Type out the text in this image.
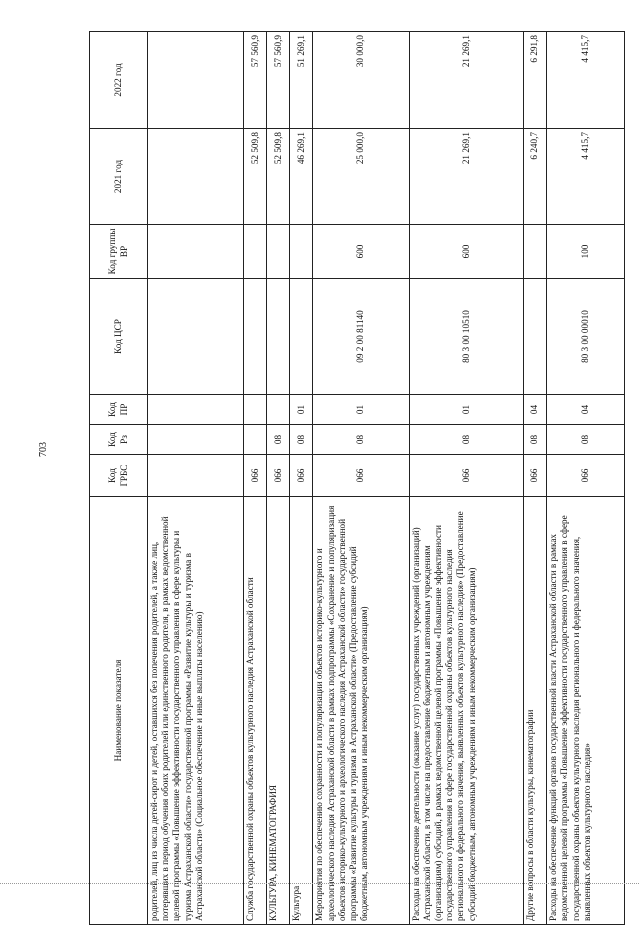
703
Наименование показателя	Код ГРБС	Код Рз	Код ПР	Код ЦСР	Код группы ВР	2021 год	2022 год
родителей, лиц из числа детей-сирот и детей, оставшихся без попечения родителей, а также лиц, потерявших в период обучения обоих родителей или единственного родителя, в рамках ведомственной целевой программы «Повышение эффективности государственного управления в сфере культуры и туризма Астраханской области» государственной программы «Развитие культуры и туризма в Астраханской области» (Социальное обеспечение и иные выплаты населению)							
Служба государственной охраны объектов культурного наследия Астраханской области	066					52 509,8	57 560,9
КУЛЬТУРА, КИНЕМАТОГРАФИЯ	066	08				52 509,8	57 560,9
Культура	066	08	01			46 269,1	51 269,1
Мероприятия по обеспечению сохранности и популяризации объектов историко-культурного и археологического наследия Астраханской области в рамках подпрограммы «Сохранение и популяризация объектов историко-культурного и археологического наследия Астраханской области» государственной программы «Развитие культуры и туризма в Астраханской области» (Предоставление субсидий бюджетным, автономным учреждениям и иным некоммерческим организациям)	066	08	01	09 2 00 81140	600	25 000,0	30 000,0
Расходы на обеспечение деятельности (оказание услуг) государственных учреждений (организаций) Астраханской области, в том числе на предоставление бюджетным и автономным учреждениям (организациям) субсидий, в рамках ведомственной целевой программы «Повышение эффективности государственного управления в сфере государственной охраны объектов культурного наследия регионального и федерального значения, выявленных объектов культурного наследия» (Предоставление субсидий бюджетным, автономным учреждениям и иным некоммерческим организациям)	066	08	01	80 3 00 10510	600	21 269,1	21 269,1
Другие вопросы в области культуры, кинематографии	066	08	04			6 240,7	6 291,8
Расходы на обеспечение функций органов государственной власти Астраханской области в рамках ведомственной целевой программы «Повышение эффективности государственного управления в сфере государственной охраны объектов культурного наследия регионального и федерального значения, выявленных объектов культурного наследия»	066	08	04	80 3 00 00010	100	4 415,7	4 415,7
